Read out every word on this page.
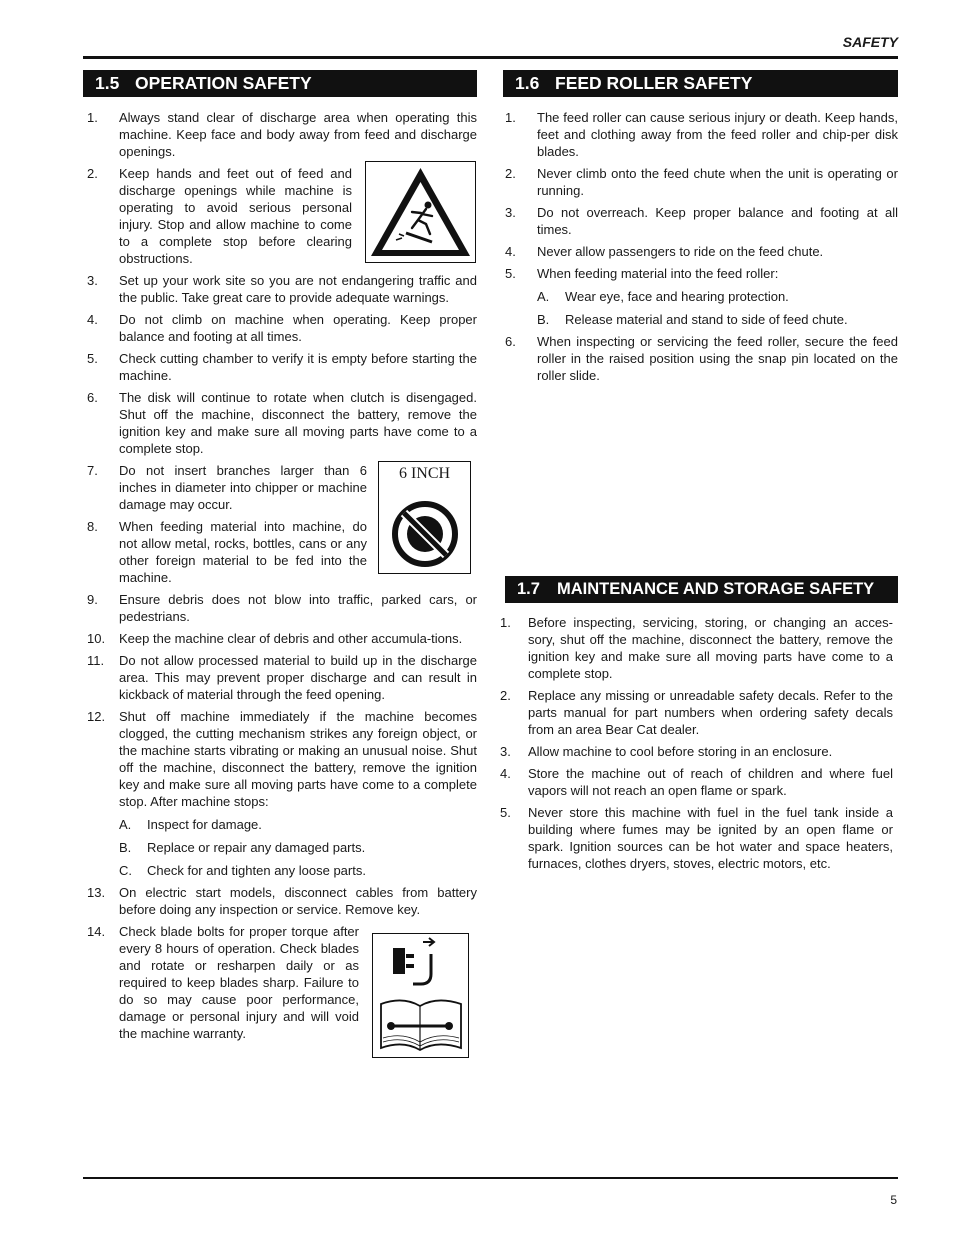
SAFETY
1.5 OPERATION SAFETY
1.	Always stand clear of discharge area when operating this machine. Keep face and body away from feed and discharge openings.
2.	Keep hands and feet out of feed and discharge openings while machine is operating to avoid serious personal injury. Stop and allow machine to come to a complete stop before clearing obstructions.
3.	Set up your work site so you are not endangering traffic and the public. Take great care to provide adequate warnings.
4.	Do not climb on machine when operating. Keep proper balance and footing at all times.
5.	Check cutting chamber to verify it is empty before starting the machine.
6.	The disk will continue to rotate when clutch is disengaged. Shut off the machine, disconnect the battery, remove the ignition key and make sure all moving parts have come to a complete stop.
7.	Do not insert branches larger than 6 inches in diameter into chipper or machine damage may occur.
8.	When feeding material into machine, do not allow metal, rocks, bottles, cans or any other foreign material to be fed into the machine.
9.	Ensure debris does not blow into traffic, parked cars, or pedestrians.
10.	Keep the machine clear of debris and other accumula-tions.
11.	Do not allow processed material to build up in the discharge area. This may prevent proper discharge and can result in kickback of material through the feed opening.
12.	Shut off machine immediately if the machine becomes clogged, the cutting mechanism strikes any foreign object, or the machine starts vibrating or making an unusual noise. Shut off the machine, disconnect the battery, remove the ignition key and make sure all moving parts have come to a complete stop. After machine stops:
A.	Inspect for damage.
B.	Replace or repair any damaged parts.
C.	Check for and tighten any loose parts.
13.	On electric start models, disconnect cables from battery before doing any inspection or service. Remove key.
14.	Check blade bolts for proper torque after every 8 hours of operation. Check blades and rotate or resharpen daily or as required to keep blades sharp. Failure to do so may cause poor performance, damage or personal injury and will void the machine warranty.
6 INCH
1.6 FEED ROLLER SAFETY
1.	The feed roller can cause serious injury or death. Keep hands, feet and clothing away from the feed roller and chip-per disk blades.
2.	Never climb onto the feed chute when the unit is operating or running.
3.	Do not overreach. Keep proper balance and footing at all times.
4.	Never allow passengers to ride on the feed chute.
5.	When feeding material into the feed roller:
A.	Wear eye, face and hearing protection.
B.	Release material and stand to side of feed chute.
6.	When inspecting or servicing the feed roller, secure the feed roller in the raised position using the snap pin located on the roller slide.
1.7 MAINTENANCE AND STORAGE SAFETY
1.	Before inspecting, servicing, storing, or changing an acces-sory, shut off the machine, disconnect the battery, remove the ignition key and make sure all moving parts have come to a complete stop.
2.	Replace any missing or unreadable safety decals. Refer to the parts manual for part numbers when ordering safety decals from an area Bear Cat dealer.
3.	Allow machine to cool before storing in an enclosure.
4.	Store the machine out of reach of children and where fuel vapors will not reach an open flame or spark.
5.	Never store this machine with fuel in the fuel tank inside a building where fumes may be ignited by an open flame or spark. Ignition sources can be hot water and space heaters, furnaces, clothes dryers, stoves, electric motors, etc.
5
